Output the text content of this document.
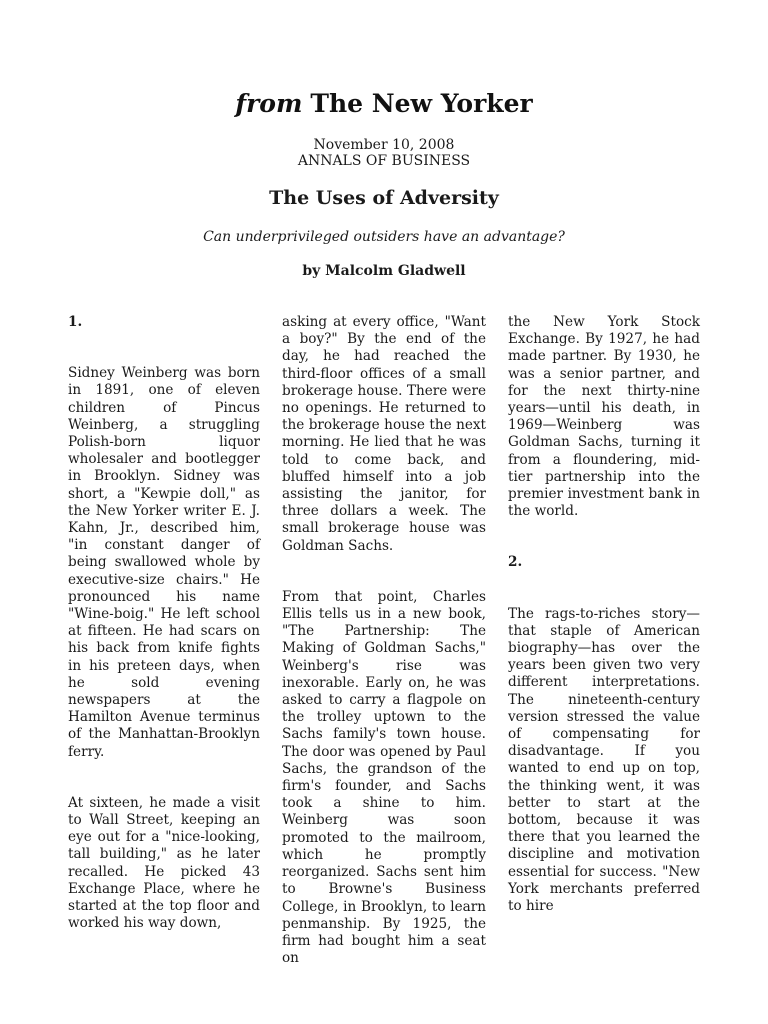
from The New Yorker
November 10, 2008
ANNALS OF BUSINESS
The Uses of Adversity
Can underprivileged outsiders have an advantage?
by Malcolm Gladwell

1.

Sidney Weinberg was born in 1891, one of eleven children of Pincus Weinberg, a struggling Polish-born liquor wholesaler and bootlegger in Brooklyn. Sidney was short, a "Kewpie doll," as the New Yorker writer E. J. Kahn, Jr., described him, "in constant danger of being swallowed whole by executive-size chairs." He pronounced his name "Wine-boig." He left school at fifteen. He had scars on his back from knife fights in his preteen days, when he sold evening newspapers at the Hamilton Avenue terminus of the Manhattan-Brooklyn ferry.

At sixteen, he made a visit to Wall Street, keeping an eye out for a "nice-looking, tall building," as he later recalled. He picked 43 Exchange Place, where he started at the top floor and worked his way down,

asking at every office, "Want a boy?" By the end of the day, he had reached the third-floor offices of a small brokerage house. There were no openings. He returned to the brokerage house the next morning. He lied that he was told to come back, and bluffed himself into a job assisting the janitor, for three dollars a week. The small brokerage house was Goldman Sachs.

From that point, Charles Ellis tells us in a new book, "The Partnership: The Making of Goldman Sachs," Weinberg's rise was inexorable. Early on, he was asked to carry a flagpole on the trolley uptown to the Sachs family's town house. The door was opened by Paul Sachs, the grandson of the firm's founder, and Sachs took a shine to him. Weinberg was soon promoted to the mailroom, which he promptly reorganized. Sachs sent him to Browne's Business College, in Brooklyn, to learn penmanship. By 1925, the firm had bought him a seat on

the New York Stock Exchange. By 1927, he had made partner. By 1930, he was a senior partner, and for the next thirty-nine years—until his death, in 1969—Weinberg was Goldman Sachs, turning it from a floundering, mid-tier partnership into the premier investment bank in the world.

2.

The rags-to-riches story—that staple of American biography—has over the years been given two very different interpretations. The nineteenth-century version stressed the value of compensating for disadvantage. If you wanted to end up on top, the thinking went, it was better to start at the bottom, because it was there that you learned the discipline and motivation essential for success. "New York merchants preferred to hire
